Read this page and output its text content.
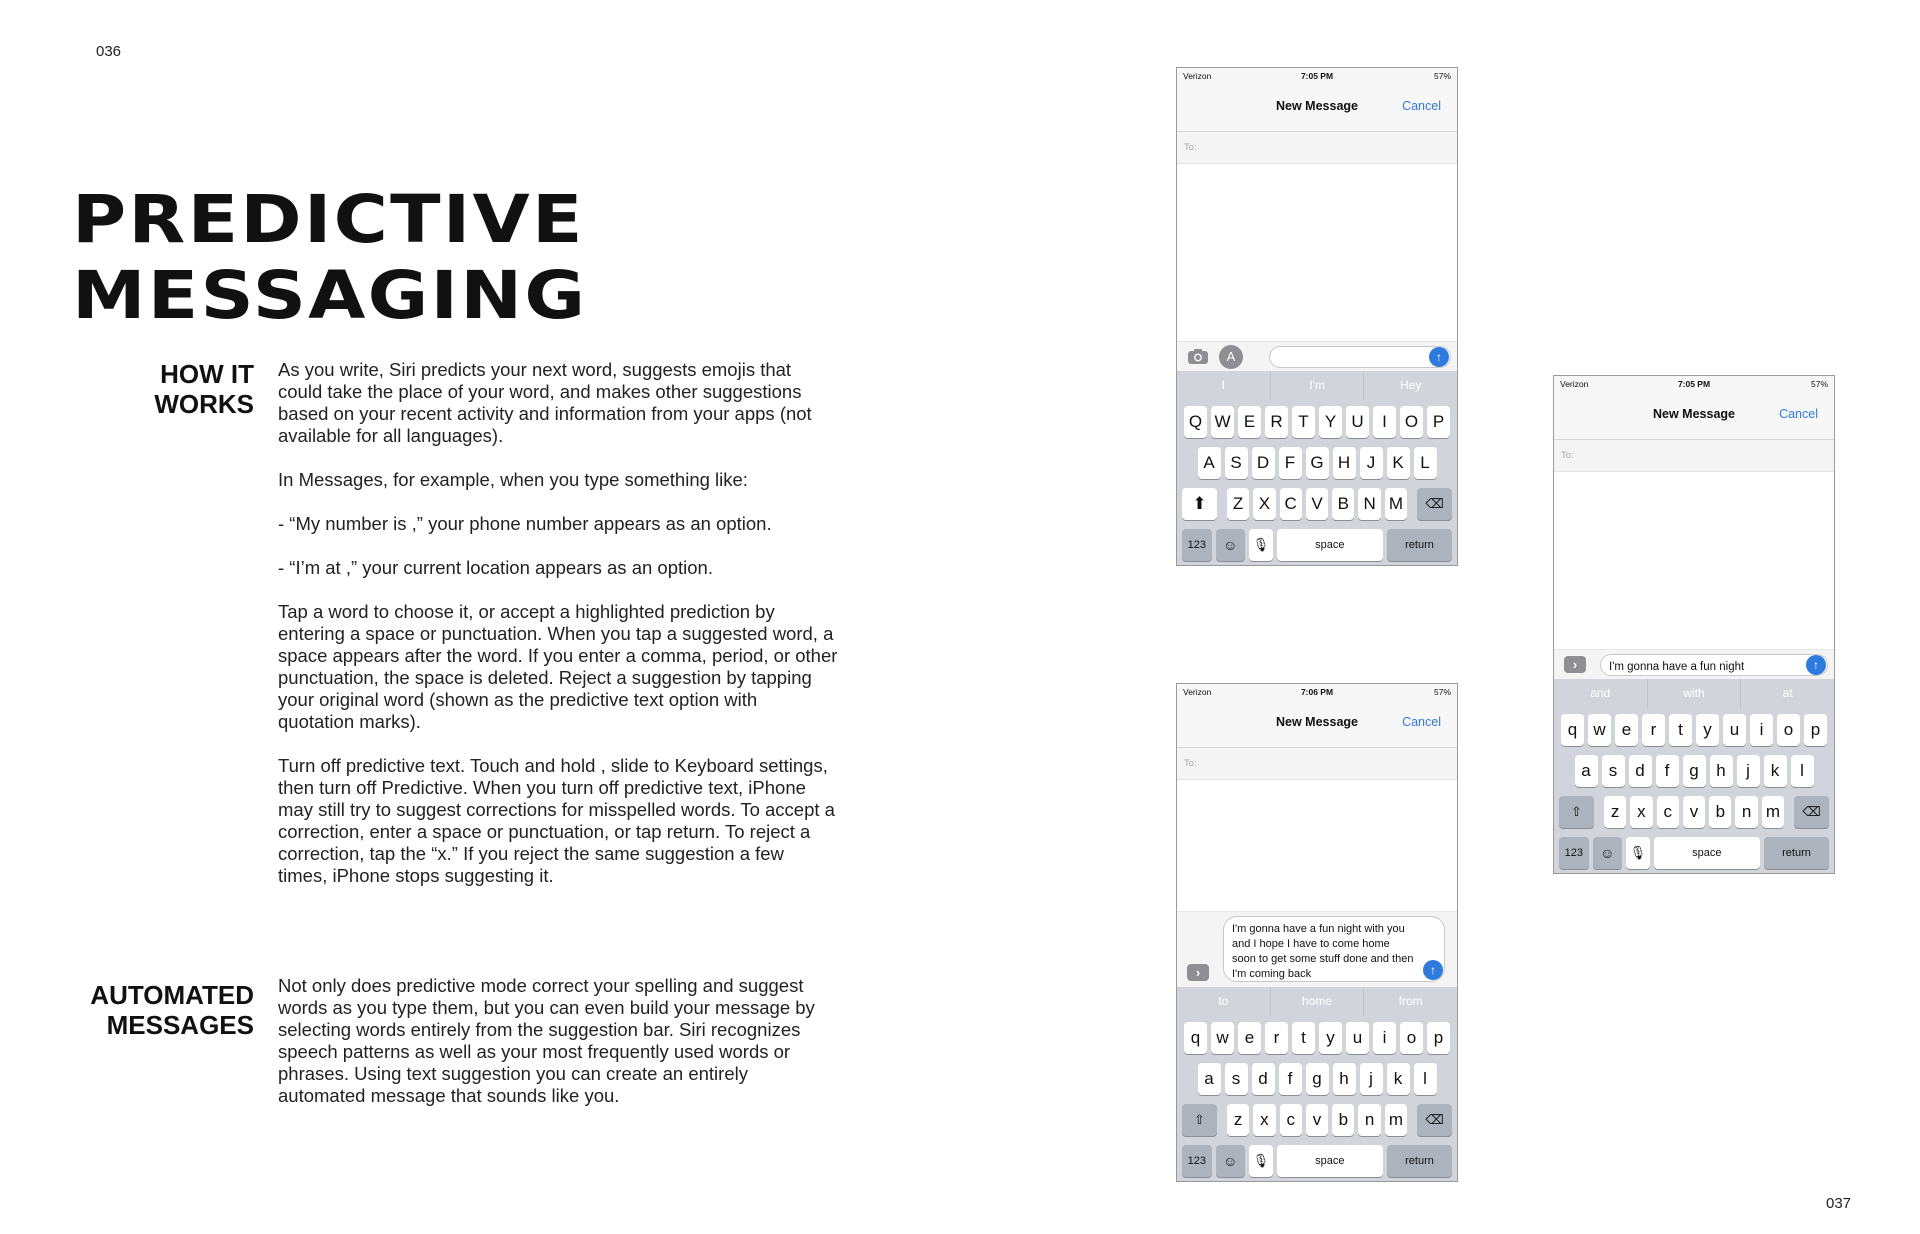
036
037
PREDICTIVE
MESSAGING
HOW IT
WORKS

As you write, Siri predicts your next word, suggests emojis that could take the place of your word, and makes other suggestions based on your recent activity and information from your apps (not available for all languages).

In Messages, for example, when you type something like:

- “My number is ,” your phone number appears as an option.

- “I’m at ,” your current location appears as an option.

Tap a word to choose it, or accept a highlighted prediction by entering a space or punctuation. When you tap a suggested word, a space appears after the word. If you enter a comma, period, or other punctuation, the space is deleted. Reject a suggestion by tapping your original word (shown as the predictive text option with quotation marks).

Turn off predictive text. Touch and hold , slide to Keyboard settings, then turn off Predictive. When you turn off predictive text, iPhone may still try to suggest corrections for misspelled words. To accept a correction, enter a space or punctuation, or tap return. To reject a correction, tap the “x.” If you reject the same suggestion a few times, iPhone stops suggesting it.

AUTOMATED
MESSAGES

Not only does predictive mode correct your spelling and suggest words as you type them, but you can even build your message by selecting words entirely from the suggestion bar. Siri recognizes speech patterns as well as your most frequently used words or phrases. Using text suggestion you can create an entirely automated message that sounds like you.

Verizon	7:05 PM	57%
New Message	Cancel
To:
A	↑
I	I'm	Hey
Q W E R T Y U	I	O P
A S D F G H J	K L
⬆	Z X C V B N M	⌫
123	☺	🎙	space	return
Verizon	7:05 PM	57%
New Message	Cancel
To:
›	I'm gonna have a fun night	↑
and	with	at
q w e	r	t	y	u	i	o	p
a	s	d	f	g	h	j	k	l
⇧	z	x	c	v	b n m	⌫
123	☺	🎙	space	return
Verizon	7:06 PM	57%
New Message	Cancel
To:
›
I'm gonna have a fun night with you and I hope I have to come home soon to get some stuff done and then I'm coming back	↑
to	home	from
q w e	r	t	y	u	i	o	p
a	s	d	f	g	h	j	k	l
⇧	z	x	c	v	b n m	⌫
123	☺	🎙	space	return
